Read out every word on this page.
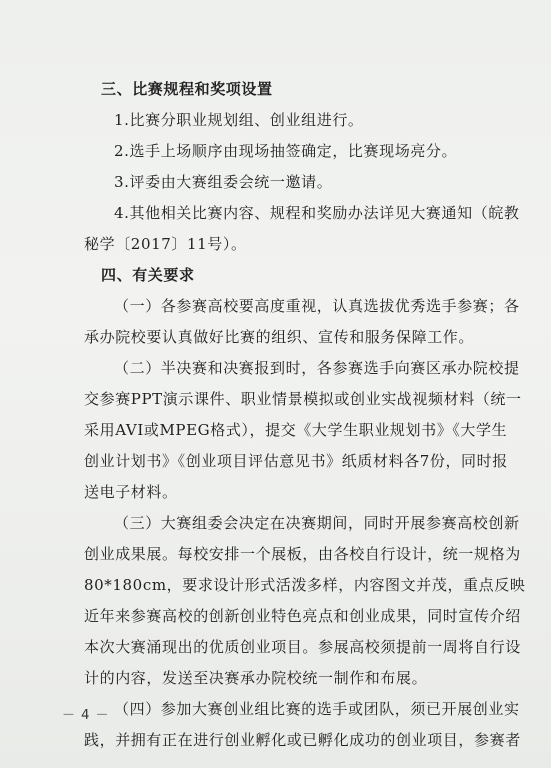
三、比赛规程和奖项设置
1.比赛分职业规划组、创业组进行。
2.选手上场顺序由现场抽签确定，比赛现场亮分。
3.评委由大赛组委会统一邀请。
4.其他相关比赛内容、规程和奖励办法详见大赛通知（皖教
秘学〔2017〕11号）。
四、有关要求
（一）各参赛高校要高度重视，认真选拔优秀选手参赛；各
承办院校要认真做好比赛的组织、宣传和服务保障工作。
（二）半决赛和决赛报到时，各参赛选手向赛区承办院校提
交参赛PPT演示课件、职业情景模拟或创业实战视频材料（统一
采用AVI或MPEG格式），提交《大学生职业规划书》《大学生
创业计划书》《创业项目评估意见书》纸质材料各7份，同时报
送电子材料。
（三）大赛组委会决定在决赛期间，同时开展参赛高校创新
创业成果展。每校安排一个展板，由各校自行设计，统一规格为
80*180cm，要求设计形式活泼多样，内容图文并茂，重点反映
近年来参赛高校的创新创业特色亮点和创业成果，同时宣传介绍
本次大赛涌现出的优质创业项目。参展高校须提前一周将自行设
计的内容，发送至决赛承办院校统一制作和布展。
（四）参加大赛创业组比赛的选手或团队，须已开展创业实
践，并拥有正在进行创业孵化或已孵化成功的创业项目，参赛者
－ 4 －
